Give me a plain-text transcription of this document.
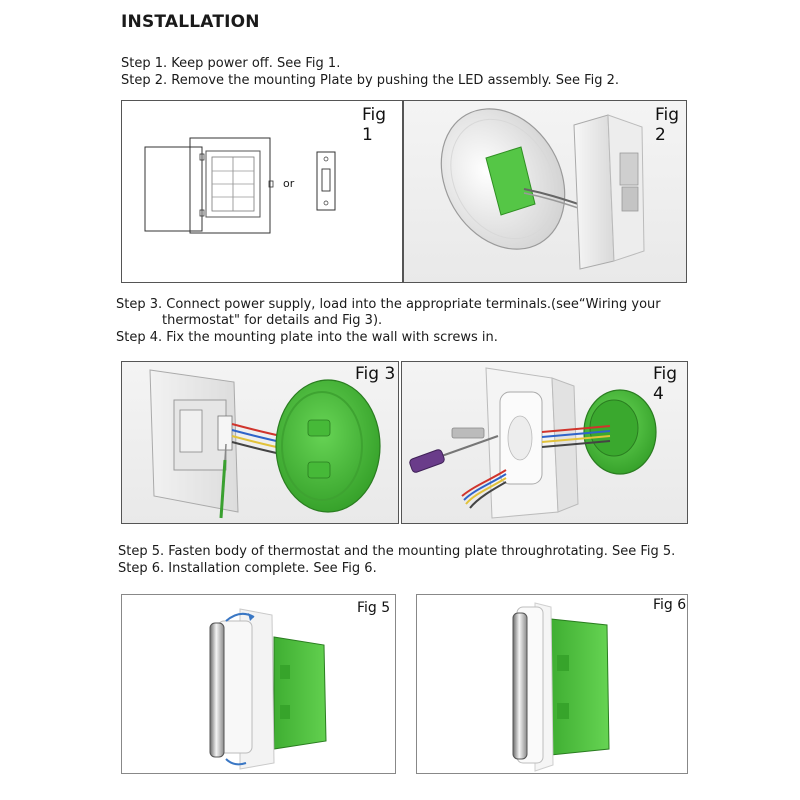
INSTALLATION
Step 1. Keep power off. See Fig 1.
Step 2. Remove the mounting Plate by pushing the LED assembly. See Fig 2.
Fig 1
or
Fig 2
Step 3. Connect power supply, load into the appropriate terminals.(see“Wiring your
thermostat" for details and Fig 3).
Step 4. Fix the mounting plate into the wall with screws in.
Fig 3	Fig 4
Step 5. Fasten body of thermostat and the mounting plate throughrotating. See Fig 5.
Step 6. Installation complete. See Fig 6.
Fig 5	Fig 6
